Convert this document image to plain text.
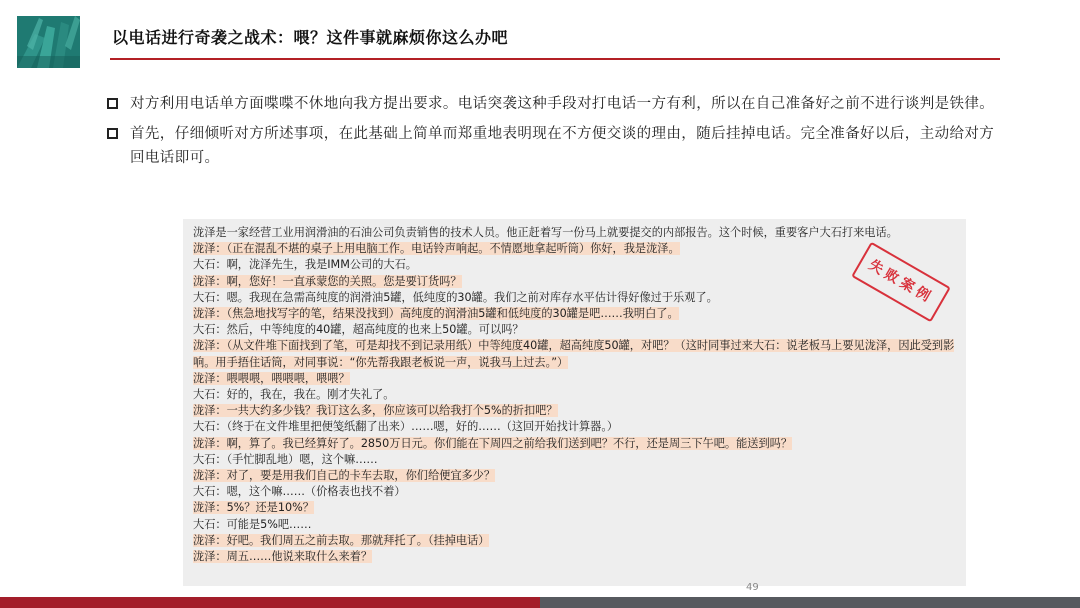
以电话进行奇袭之战术：喂？这件事就麻烦你这么办吧
对方利用电话单方面喋喋不休地向我方提出要求。电话突袭这种手段对打电话一方有利，所以在自己准备好之前不进行谈判是铁律。
首先，仔细倾听对方所述事项，在此基础上简单而郑重地表明现在不方便交谈的理由，随后挂掉电话。完全准备好以后，主动给对方回电话即可。
泷泽是一家经营工业用润滑油的石油公司负责销售的技术人员。他正赶着写一份马上就要提交的内部报告。这个时候，重要客户大石打来电话。
泷泽：（正在混乱不堪的桌子上用电脑工作。电话铃声响起。不情愿地拿起听筒）你好，我是泷泽。
大石：啊，泷泽先生，我是IMM公司的大石。
泷泽：啊，您好！一直承蒙您的关照。您是要订货吗？
大石：嗯。我现在急需高纯度的润滑油5罐，低纯度的30罐。我们之前对库存水平估计得好像过于乐观了。
泷泽：（焦急地找写字的笔，结果没找到）高纯度的润滑油5罐和低纯度的30罐是吧……我明白了。
大石：然后，中等纯度的40罐，超高纯度的也来上50罐。可以吗？
泷泽：（从文件堆下面找到了笔，可是却找不到记录用纸）中等纯度40罐，超高纯度50罐，对吧？（这时同事过来大石：说老板马上要见泷泽，因此受到影响。用手捂住话筒，对同事说：“你先帮我跟老板说一声，说我马上过去。”）
泷泽：喂喂喂，喂喂喂，喂喂？
大石：好的，我在，我在。刚才失礼了。
泷泽：一共大约多少钱？我订这么多，你应该可以给我打个5%的折扣吧？
大石：（终于在文件堆里把便笺纸翻了出来）……嗯，好的……（这回开始找计算器。）
泷泽：啊，算了。我已经算好了。2850万日元。你们能在下周四之前给我们送到吧？不行，还是周三下午吧。能送到吗？
大石：（手忙脚乱地）嗯，这个嘛……
泷泽：对了，要是用我们自己的卡车去取，你们给便宜多少？
大石：嗯，这个嘛……（价格表也找不着）
泷泽：5%？还是10%？
大石：可能是5%吧……
泷泽：好吧。我们周五之前去取。那就拜托了。（挂掉电话）
泷泽：周五……他说来取什么来着？
失败案例
49
